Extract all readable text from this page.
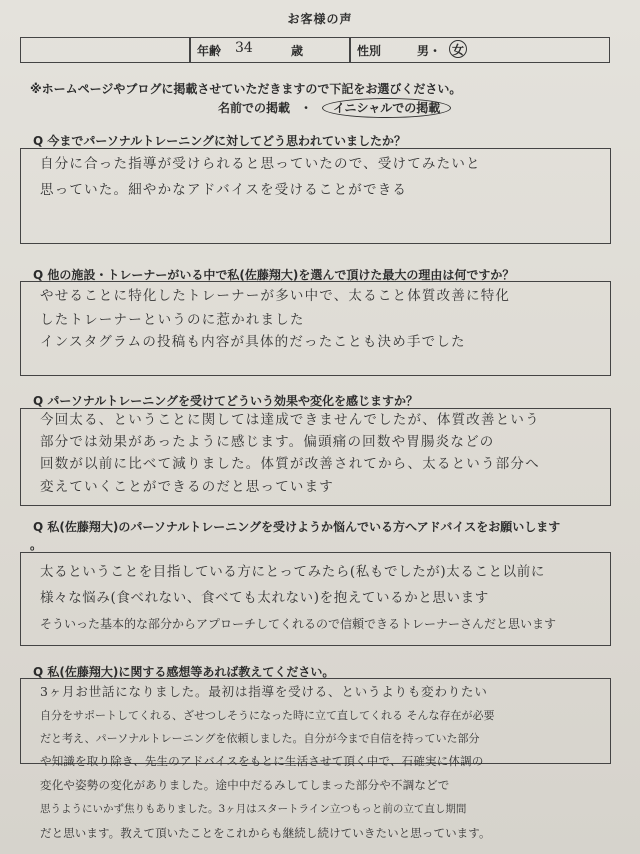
お客様の声
年齢 34	歳	性別	男・ 女
※ホームページやブログに掲載させていただきますので下記をお選びください。
名前での掲載 ・ イニシャルでの掲載
Q 今までパーソナルトレーニングに対してどう思われていましたか？
自分に合った指導が受けられると思っていたので、受けてみたいと
思っていた。細やかなアドバイスを受けることができる
Q 他の施設・トレーナーがいる中で私(佐藤翔大)を選んで頂けた最大の理由は何ですか？
やせることに特化したトレーナーが多い中で、太ること体質改善に特化
したトレーナーというのに惹かれました
インスタグラムの投稿も内容が具体的だったことも決め手でした
Q パーソナルトレーニングを受けてどういう効果や変化を感じますか？
今回太る、ということに関しては達成できませんでしたが、体質改善という
部分では効果があったように感じます。偏頭痛の回数や胃腸炎などの
回数が以前に比べて減りました。体質が改善されてから、太るという部分へ
変えていくことができるのだと思っています
Q 私(佐藤翔大)のパーソナルトレーニングを受けようか悩んでいる方へアドバイスをお願いします
。
太るということを目指している方にとってみたら(私もでしたが)太ること以前に
様々な悩み(食べれない、食べても太れない)を抱えているかと思います
そういった基本的な部分からアプローチしてくれるので信頼できるトレーナーさんだと思います
Q 私(佐藤翔大)に関する感想等あれば教えてください。
3ヶ月お世話になりました。最初は指導を受ける、というよりも変わりたい
自分をサポートしてくれる、ざせつしそうになった時に立て直してくれる そんな存在が必要
だと考え、パーソナルトレーニングを依頼しました。自分が今まで自信を持っていた部分
や知識を取り除き、先生のアドバイスをもとに生活させて頂く中で、石確実に体調の
変化や姿勢の変化がありました。途中中だるみしてしまった部分や不調などで
思うようにいかず焦りもありました。3ヶ月はスタートライン立つもっと前の立て直し期間
だと思います。教えて頂いたことをこれからも継続し続けていきたいと思っています。
